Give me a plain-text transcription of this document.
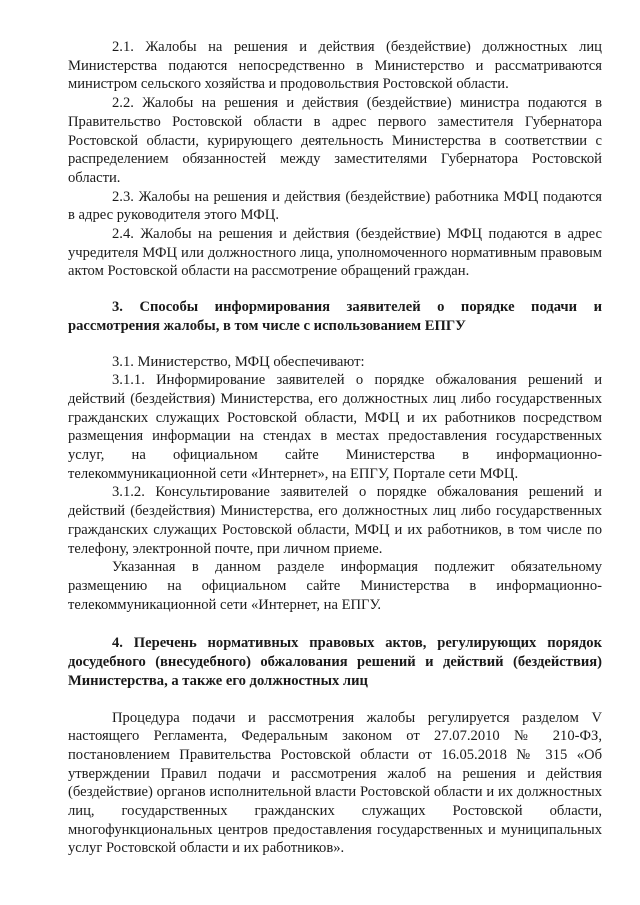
2.1. Жалобы на решения и действия (бездействие) должностных лиц Министерства подаются непосредственно в Министерство и рассматриваются министром сельского хозяйства и продовольствия Ростовской области.

2.2. Жалобы на решения и действия (бездействие) министра подаются в Правительство Ростовской области в адрес первого заместителя Губернатора Ростовской области, курирующего деятельность Министерства в соответствии с распределением обязанностей между заместителями Губернатора Ростовской области.

2.3. Жалобы на решения и действия (бездействие) работника МФЦ подаются в адрес руководителя этого МФЦ.

2.4. Жалобы на решения и действия (бездействие) МФЦ подаются в адрес учредителя МФЦ или должностного лица, уполномоченного нормативным правовым актом Ростовской области на рассмотрение обращений граждан.

3. Способы информирования заявителей о порядке подачи и рассмотрения жалобы, в том числе с использованием ЕПГУ

3.1. Министерство, МФЦ обеспечивают:

3.1.1. Информирование заявителей о порядке обжалования решений и действий (бездействия) Министерства, его должностных лиц либо государственных гражданских служащих Ростовской области, МФЦ и их работников посредством размещения информации на стендах в местах предоставления государственных услуг, на официальном сайте Министерства в информационно-телекоммуникационной сети «Интернет», на ЕПГУ, Портале сети МФЦ.

3.1.2. Консультирование заявителей о порядке обжалования решений и действий (бездействия) Министерства, его должностных лиц либо государственных гражданских служащих Ростовской области, МФЦ и их работников, в том числе по телефону, электронной почте, при личном приеме.

Указанная в данном разделе информация подлежит обязательному размещению на официальном сайте Министерства в информационно-телекоммуникационной сети «Интернет, на ЕПГУ.

4. Перечень нормативных правовых актов, регулирующих порядок досудебного (внесудебного) обжалования решений и действий (бездействия) Министерства, а также его должностных лиц

Процедура подачи и рассмотрения жалобы регулируется разделом V настоящего Регламента, Федеральным законом от 27.07.2010 № 210-ФЗ, постановлением Правительства Ростовской области от 16.05.2018 № 315 «Об утверждении Правил подачи и рассмотрения жалоб на решения и действия (бездействие) органов исполнительной власти Ростовской области и их должностных лиц, государственных гражданских служащих Ростовской области, многофункциональных центров предоставления государственных и муниципальных услуг Ростовской области и их работников».
